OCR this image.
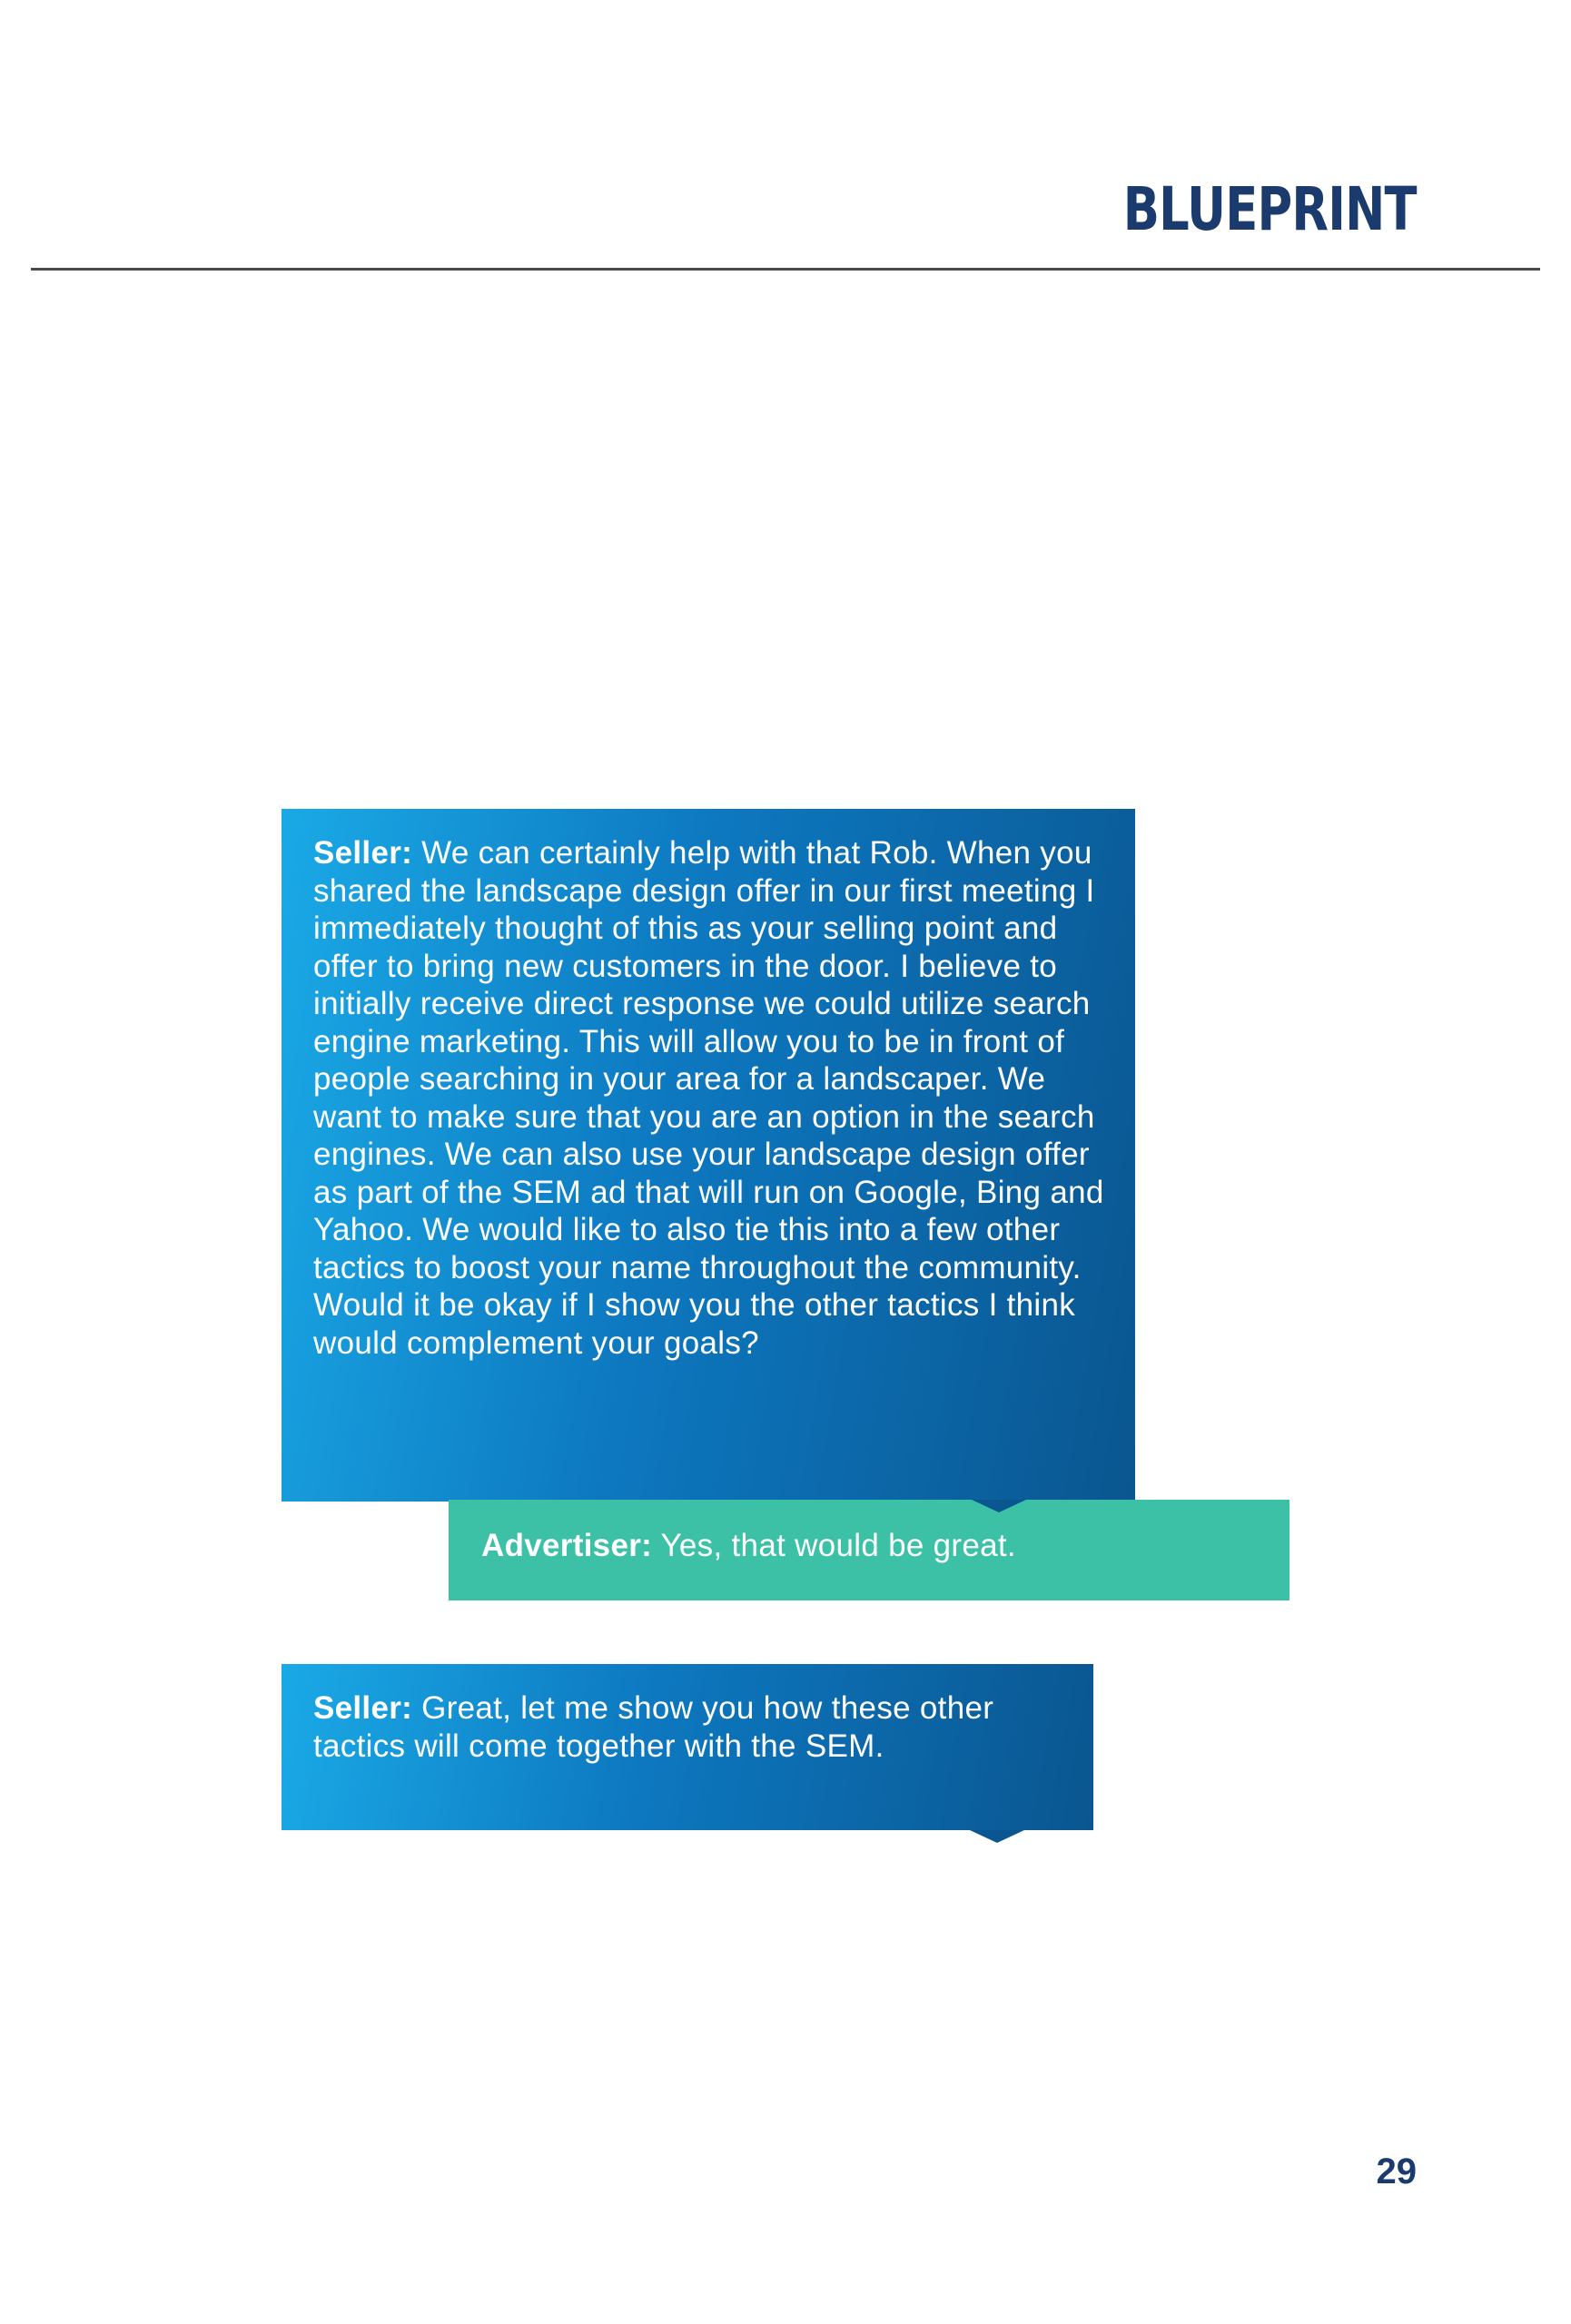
BLUEPRINT

Seller: We can certainly help with that Rob. When you shared the landscape design offer in our first meeting I immediately thought of this as your selling point and offer to bring new customers in the door. I believe to initially receive direct response we could utilize search engine marketing. This will allow you to be in front of people searching in your area for a landscaper. We want to make sure that you are an option in the search engines. We can also use your landscape design offer as part of the SEM ad that will run on Google, Bing and Yahoo. We would like to also tie this into a few other tactics to boost your name throughout the community. Would it be okay if I show you the other tactics I think would complement your goals?

Advertiser: Yes, that would be great.

Seller: Great, let me show you how these other tactics will come together with the SEM.

29
